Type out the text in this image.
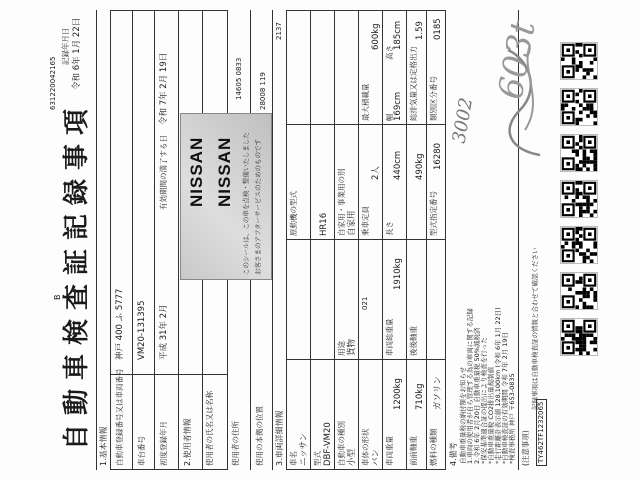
自動車検査証記録事項
B
記録年月日 令和 6年 1月 22日
631220042165
1.基本情報 自動車登録番号又は車両番号
神戸 400 ふ 5777
車台番号
VM20-131395
初度登録年月
平成 31年 2月
有効期間の満了する日
令和 7年 2月 19日
2.使用者情報 使用者の氏名又は名称 使用者の住所 使用の本拠の位置
14605 0833 28008 119
NISSAN NISSAN このシールは、この車を点検・整備いたしました お客さまのアフターサービスのためのものです
3.車両詳細情報
2137
車名 ニッサン 型式 DBF-VM20
原動機の型式 HR16
自動車の種別 小型
用途 貨物
自家用・事業用の別 自家用
車体の形状 バン
乗車定員
2人
最大積載量
600kg
021
車両重量
1200kg
車両総重量
1910kg
長さ
440cm
幅 169cm
高さ
185cm
前前軸重
710kg
後後軸重
490kg
総排気量又は定格出力
1.59
燃料の種類
ガソリン
型式指定番号
16280
類別区分番号
0185
4.備考 自動車重量税の納付額をお知らせ 1.車両の使用者が自ら管理する為の車両に関する記録 2.令和 6年 2月20日 自動車重量税 50%減税済 *保安基準適合証の提出により検査を行った *自動車重量税 CO2排出量規制値 *走行距離計表示値 128,100km (令和 6年 1月 22日) *自動車検査証の有効期間 令和 7年 2月 19日 *検査事務所 神戸 〒653-0835 (注意事項)
記録事項は自動車検査証の情報と合わせて確認ください
TY462TF1232065
3002
603t
